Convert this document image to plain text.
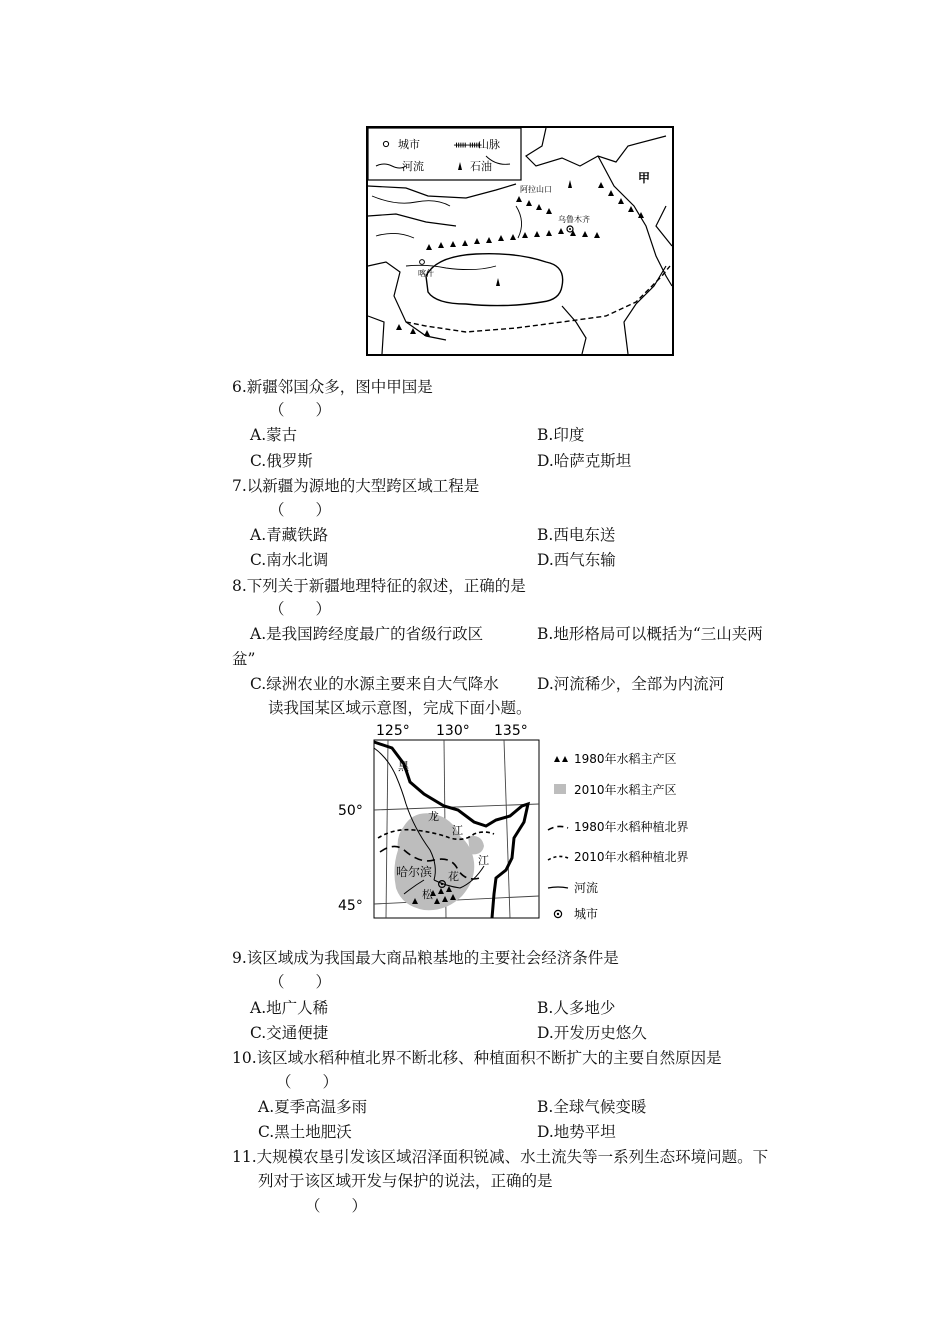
城市	ᚔᚔ
山脉
河流	石油
甲
阿拉山口
乌鲁木齐
喀什
6.新疆邻国众多，图中甲国是
（　　）
A.蒙古	B.印度
C.俄罗斯	D.哈萨克斯坦
7.以新疆为源地的大型跨区域工程是
（　　）
A.青藏铁路	B.西电东送
C.南水北调	D.西气东输
8.下列关于新疆地理特征的叙述，正确的是
（　　）
A.是我国跨经度最广的省级行政区	B.地形格局可以概括为“三山夹两
盆”
C.绿洲农业的水源主要来自大气降水 D.河流稀少，全部为内流河
读我国某区域示意图，完成下面小题。
125° 130° 135°
50°
45°
黑
龙
江
江
哈尔滨 花
松
1980年水稻主产区
2010年水稻主产区
1980年水稻种植北界
2010年水稻种植北界
河流
城市
9.该区域成为我国最大商品粮基地的主要社会经济条件是
（　　）
A.地广人稀	B.人多地少
C.交通便捷	D.开发历史悠久
10.该区域水稻种植北界不断北移、种植面积不断扩大的主要自然原因是
（　　）
A.夏季高温多雨	B.全球气候变暖
C.黑土地肥沃	D.地势平坦
11.大规模农垦引发该区域沼泽面积锐减、水土流失等一系列生态环境问题。下
列对于该区域开发与保护的说法，正确的是
（　　）
